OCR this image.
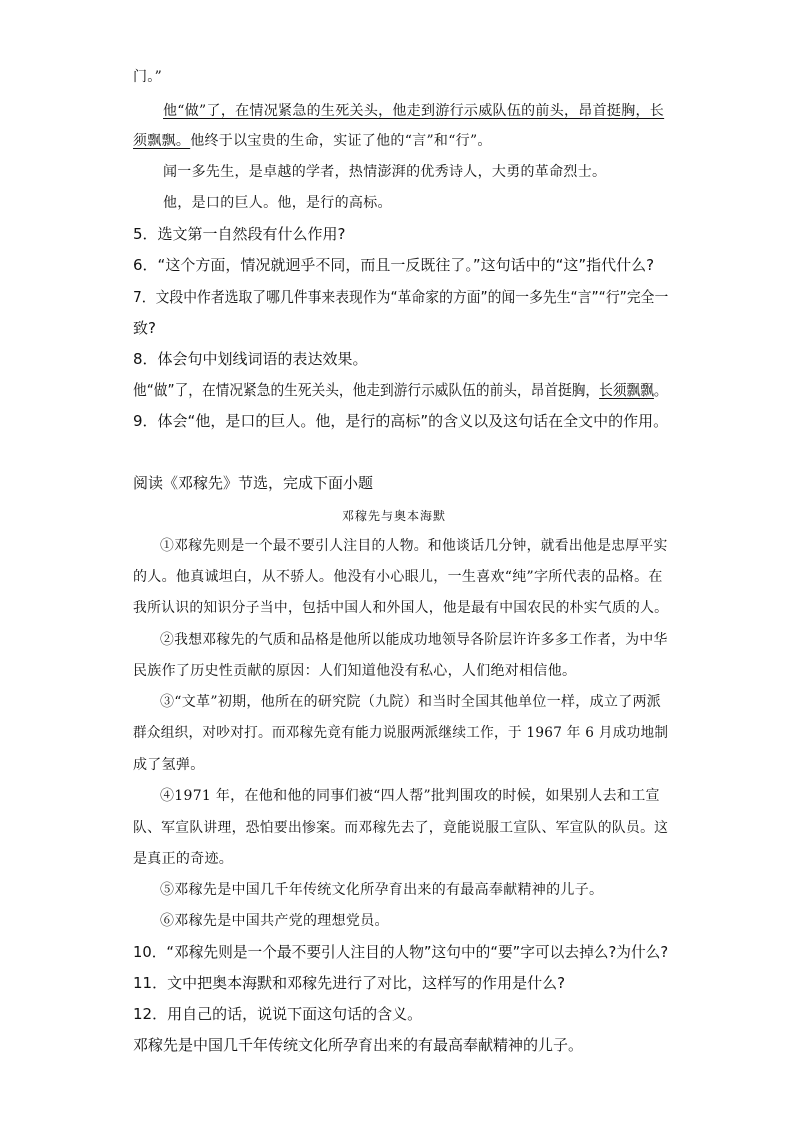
门。”
他“做”了，在情况紧急的生死关头，他走到游行示威队伍的前头，昂首挺胸，长
须飘飘。他终于以宝贵的生命，实证了他的“言”和“行”。
闻一多先生，是卓越的学者，热情澎湃的优秀诗人，大勇的革命烈士。
他，是口的巨人。他，是行的高标。
5．选文第一自然段有什么作用?
6．“这个方面，情况就迥乎不同，而且一反既往了。”这句话中的“这”指代什么?
7．文段中作者选取了哪几件事来表现作为“革命家的方面”的闻一多先生“言”“行”完全一
致?
8．体会句中划线词语的表达效果。
他“做”了，在情况紧急的生死关头，他走到游行示威队伍的前头，昂首挺胸，长须飘飘。
9．体会“他，是口的巨人。他，是行的高标”的含义以及这句话在全文中的作用。
阅读《邓稼先》节选，完成下面小题
邓稼先与奥本海默
①邓稼先则是一个最不要引人注目的人物。和他谈话几分钟，就看出他是忠厚平实
的人。他真诚坦白，从不骄人。他没有小心眼儿，一生喜欢“纯”字所代表的品格。在
我所认识的知识分子当中，包括中国人和外国人，他是最有中国农民的朴实气质的人。
②我想邓稼先的气质和品格是他所以能成功地领导各阶层许许多多工作者，为中华
民族作了历史性贡献的原因：人们知道他没有私心，人们绝对相信他。
③“文革”初期，他所在的研究院（九院）和当时全国其他单位一样，成立了两派
群众组织，对吵对打。而邓稼先竟有能力说服两派继续工作，于 1967 年 6 月成功地制
成了氢弹。
④1971 年，在他和他的同事们被“四人帮”批判围攻的时候，如果别人去和工宣
队、军宣队讲理，恐怕要出惨案。而邓稼先去了，竟能说服工宣队、军宣队的队员。这
是真正的奇迹。
⑤邓稼先是中国几千年传统文化所孕育出来的有最高奉献精神的儿子。
⑥邓稼先是中国共产党的理想党员。
10．“邓稼先则是一个最不要引人注目的人物”这句中的“要”字可以去掉么?为什么?
11．文中把奥本海默和邓稼先进行了对比，这样写的作用是什么?
12．用自己的话，说说下面这句话的含义。
邓稼先是中国几千年传统文化所孕育出来的有最高奉献精神的儿子。
